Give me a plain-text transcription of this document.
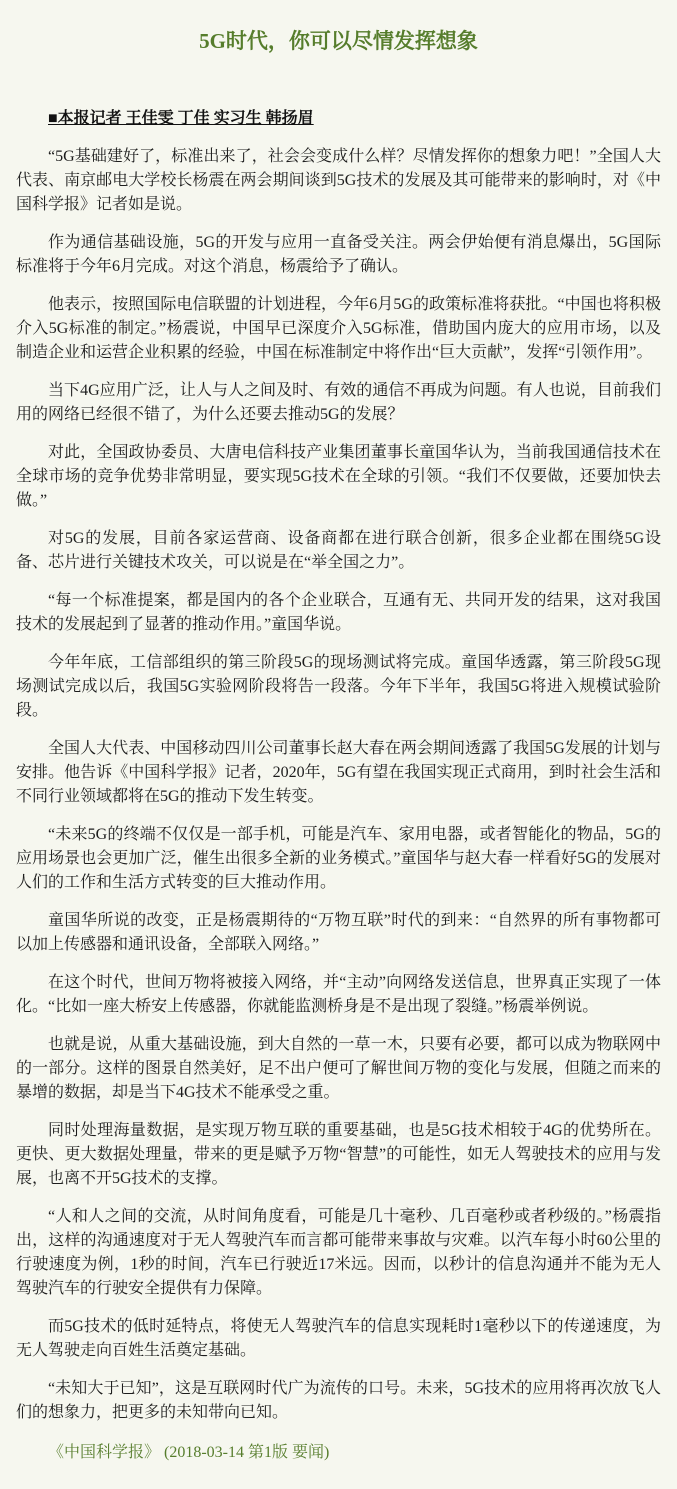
5G时代，你可以尽情发挥想象
■本报记者 王佳雯 丁佳 实习生 韩扬眉

“5G基础建好了，标准出来了，社会会变成什么样？尽情发挥你的想象力吧！”全国人大代表、南京邮电大学校长杨震在两会期间谈到5G技术的发展及其可能带来的影响时，对《中国科学报》记者如是说。

作为通信基础设施，5G的开发与应用一直备受关注。两会伊始便有消息爆出，5G国际标准将于今年6月完成。对这个消息，杨震给予了确认。

他表示，按照国际电信联盟的计划进程，今年6月5G的政策标准将获批。“中国也将积极介入5G标准的制定。”杨震说，中国早已深度介入5G标准，借助国内庞大的应用市场，以及制造企业和运营企业积累的经验，中国在标准制定中将作出“巨大贡献”，发挥“引领作用”。

当下4G应用广泛，让人与人之间及时、有效的通信不再成为问题。有人也说，目前我们用的网络已经很不错了，为什么还要去推动5G的发展？

对此，全国政协委员、大唐电信科技产业集团董事长童国华认为，当前我国通信技术在全球市场的竞争优势非常明显，要实现5G技术在全球的引领。“我们不仅要做，还要加快去做。”

对5G的发展，目前各家运营商、设备商都在进行联合创新，很多企业都在围绕5G设备、芯片进行关键技术攻关，可以说是在“举全国之力”。

“每一个标准提案，都是国内的各个企业联合，互通有无、共同开发的结果，这对我国技术的发展起到了显著的推动作用。”童国华说。

今年年底，工信部组织的第三阶段5G的现场测试将完成。童国华透露，第三阶段5G现场测试完成以后，我国5G实验网阶段将告一段落。今年下半年，我国5G将进入规模试验阶段。

全国人大代表、中国移动四川公司董事长赵大春在两会期间透露了我国5G发展的计划与安排。他告诉《中国科学报》记者，2020年，5G有望在我国实现正式商用，到时社会生活和不同行业领域都将在5G的推动下发生转变。

“未来5G的终端不仅仅是一部手机，可能是汽车、家用电器，或者智能化的物品，5G的应用场景也会更加广泛，催生出很多全新的业务模式。”童国华与赵大春一样看好5G的发展对人们的工作和生活方式转变的巨大推动作用。

童国华所说的改变，正是杨震期待的“万物互联”时代的到来：“自然界的所有事物都可以加上传感器和通讯设备，全部联入网络。”

在这个时代，世间万物将被接入网络，并“主动”向网络发送信息，世界真正实现了一体化。“比如一座大桥安上传感器，你就能监测桥身是不是出现了裂缝。”杨震举例说。

也就是说，从重大基础设施，到大自然的一草一木，只要有必要，都可以成为物联网中的一部分。这样的图景自然美好，足不出户便可了解世间万物的变化与发展，但随之而来的暴增的数据，却是当下4G技术不能承受之重。

同时处理海量数据，是实现万物互联的重要基础，也是5G技术相较于4G的优势所在。更快、更大数据处理量，带来的更是赋予万物“智慧”的可能性，如无人驾驶技术的应用与发展，也离不开5G技术的支撑。

“人和人之间的交流，从时间角度看，可能是几十毫秒、几百毫秒或者秒级的。”杨震指出，这样的沟通速度对于无人驾驶汽车而言都可能带来事故与灾难。以汽车每小时60公里的行驶速度为例，1秒的时间，汽车已行驶近17米远。因而，以秒计的信息沟通并不能为无人驾驶汽车的行驶安全提供有力保障。

而5G技术的低时延特点，将使无人驾驶汽车的信息实现耗时1毫秒以下的传递速度，为无人驾驶走向百姓生活奠定基础。

“未知大于已知”，这是互联网时代广为流传的口号。未来，5G技术的应用将再次放飞人们的想象力，把更多的未知带向已知。

《中国科学报》 (2018-03-14 第1版 要闻)
